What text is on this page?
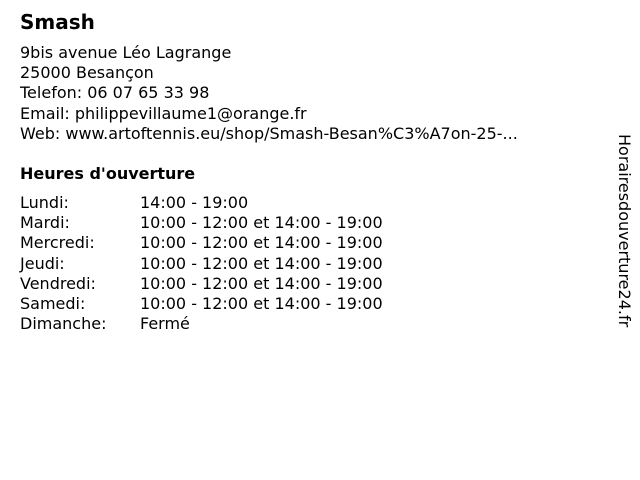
Smash
9bis avenue Léo Lagrange
25000 Besançon
Telefon: 06 07 65 33 98
Email: philippevillaume1@orange.fr
Web: www.artoftennis.eu/shop/Smash-Besan%C3%A7on-25-...
Heures d'ouverture
Lundi:	14:00 - 19:00
Mardi:	10:00 - 12:00 et 14:00 - 19:00
Mercredi:	10:00 - 12:00 et 14:00 - 19:00
Jeudi:	10:00 - 12:00 et 14:00 - 19:00
Vendredi:	10:00 - 12:00 et 14:00 - 19:00
Samedi:	10:00 - 12:00 et 14:00 - 19:00
Dimanche:	Fermé	Horairesdouverture24.fr
